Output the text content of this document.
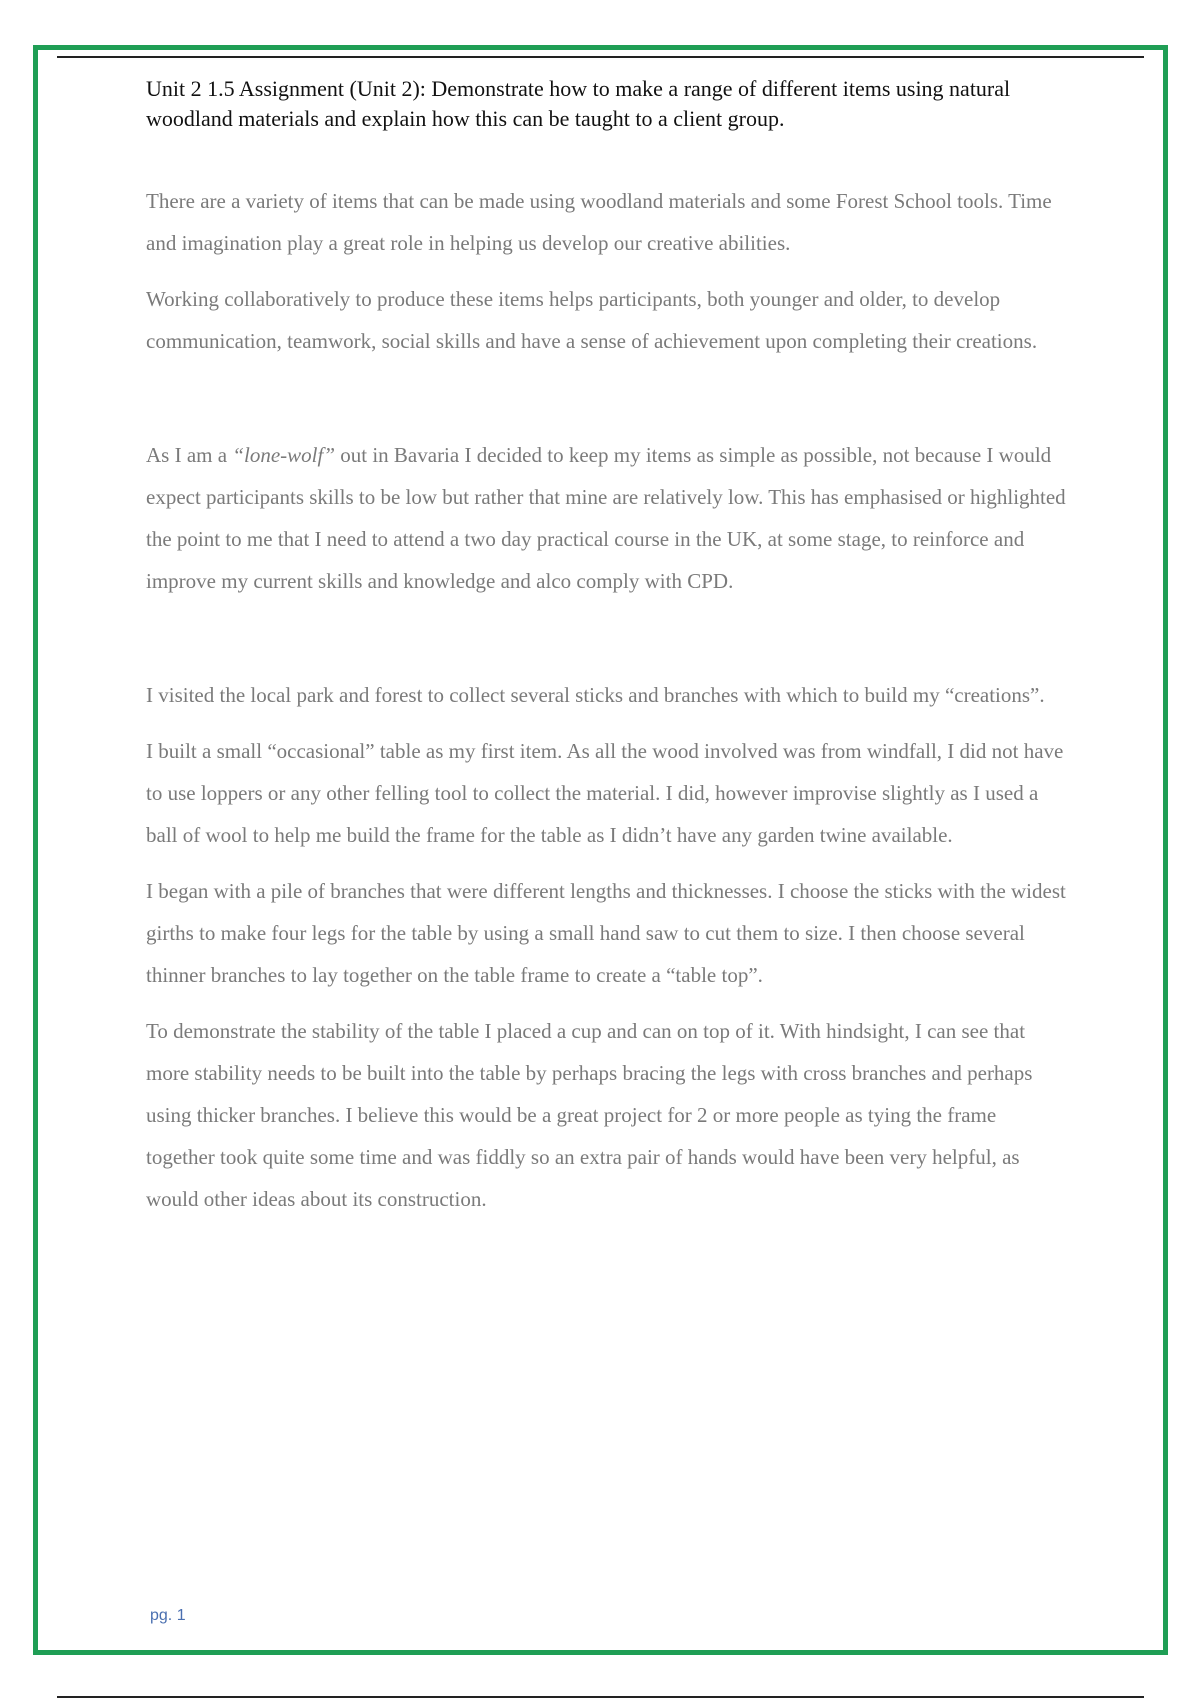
Unit 2 1.5 Assignment (Unit 2): Demonstrate how to make a range of different items using natural woodland materials and explain how this can be taught to a client group.

There are a variety of items that can be made using woodland materials and some Forest School tools. Time and imagination play a great role in helping us develop our creative abilities.

Working collaboratively to produce these items helps participants, both younger and older, to develop communication, teamwork, social skills and have a sense of achievement upon completing their creations.

As I am a “lone-wolf” out in Bavaria I decided to keep my items as simple as possible, not because I would expect participants skills to be low but rather that mine are relatively low. This has emphasised or highlighted the point to me that I need to attend a two day practical course in the UK, at some stage, to reinforce and improve my current skills and knowledge and alco comply with CPD.

I visited the local park and forest to collect several sticks and branches with which to build my “creations”.

I built a small “occasional” table as my first item. As all the wood involved was from windfall, I did not have to use loppers or any other felling tool to collect the material. I did, however improvise slightly as I used a ball of wool to help me build the frame for the table as I didn’t have any garden twine available.

I began with a pile of branches that were different lengths and thicknesses. I choose the sticks with the widest girths to make four legs for the table by using a small hand saw to cut them to size. I then choose several thinner branches to lay together on the table frame to create a “table top”.

To demonstrate the stability of the table I placed a cup and can on top of it. With hindsight, I can see that more stability needs to be built into the table by perhaps bracing the legs with cross branches and perhaps using thicker branches. I believe this would be a great project for 2 or more people as tying the frame together took quite some time and was fiddly so an extra pair of hands would have been very helpful, as would other ideas about its construction.

pg. 1
